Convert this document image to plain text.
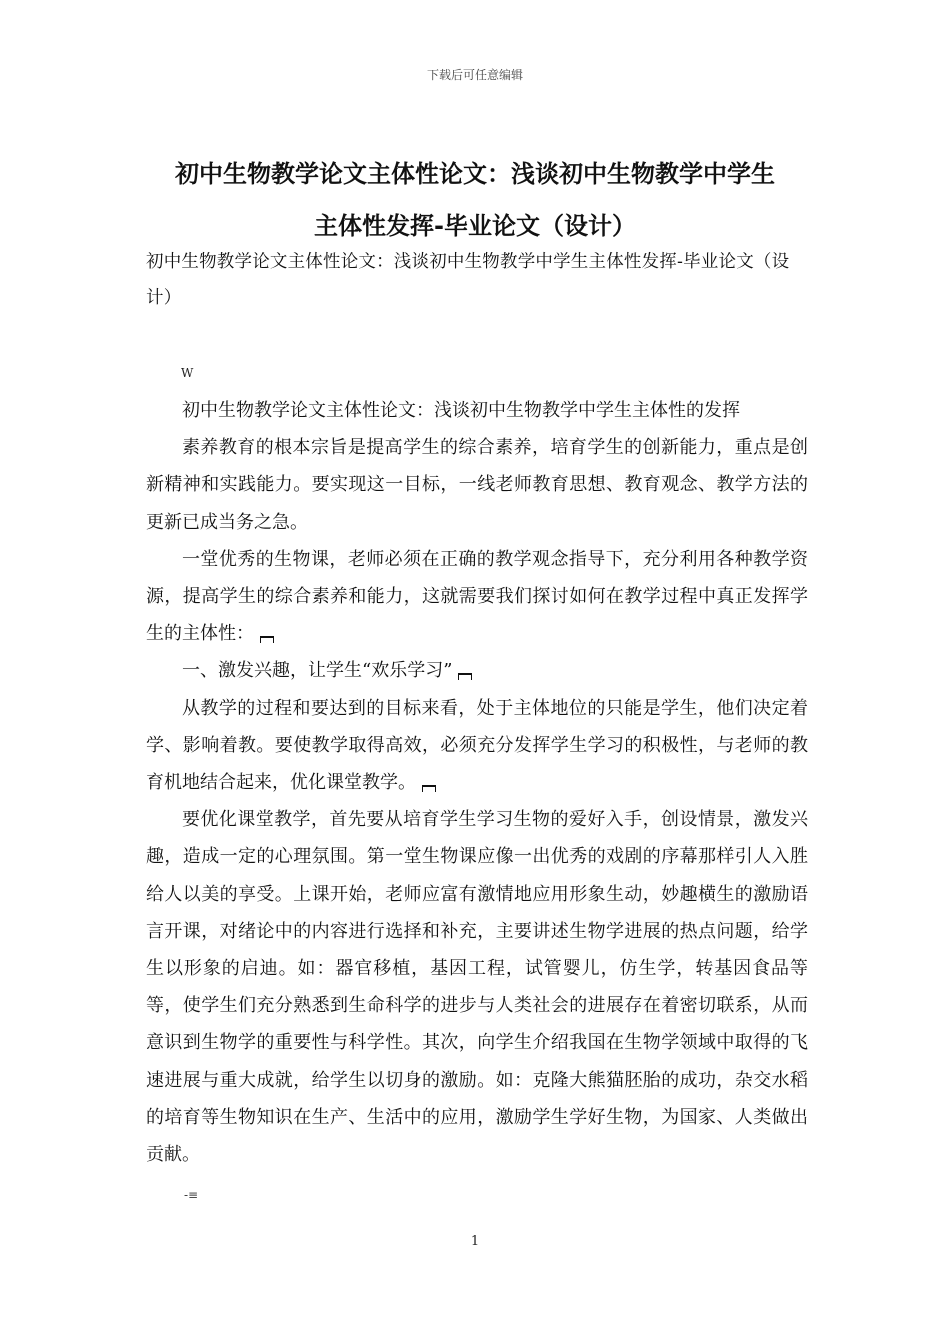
下载后可任意编辑
初中生物教学论文主体性论文：浅谈初中生物教学中学生
主体性发挥-毕业论文（设计）
初中生物教学论文主体性论文：浅谈初中生物教学中学生主体性发挥-毕业论文（设计）
W

初中生物教学论文主体性论文：浅谈初中生物教学中学生主体性的发挥

素养教育的根本宗旨是提高学生的综合素养，培育学生的创新能力，重点是创新精神和实践能力。要实现这一目标，一线老师教育思想、教育观念、教学方法的更新已成当务之急。

一堂优秀的生物课，老师必须在正确的教学观念指导下，充分利用各种教学资源，提高学生的综合素养和能力，这就需要我们探讨如何在教学过程中真正发挥学生的主体性：

一、激发兴趣，让学生“欢乐学习”

从教学的过程和要达到的目标来看，处于主体地位的只能是学生，他们决定着学、影响着教。要使教学取得高效，必须充分发挥学生学习的积极性，与老师的教育机地结合起来，优化课堂教学。

要优化课堂教学，首先要从培育学生学习生物的爱好入手，创设情景，激发兴趣，造成一定的心理氛围。第一堂生物课应像一出优秀的戏剧的序幕那样引人入胜给人以美的享受。上课开始，老师应富有激情地应用形象生动，妙趣横生的激励语言开课，对绪论中的内容进行选择和补充，主要讲述生物学进展的热点问题，给学生以形象的启迪。如：器官移植，基因工程，试管婴儿，仿生学，转基因食品等等，使学生们充分熟悉到生命科学的进步与人类社会的进展存在着密切联系，从而意识到生物学的重要性与科学性。其次，向学生介绍我国在生物学领域中取得的飞速进展与重大成就，给学生以切身的激励。如：克隆大熊猫胚胎的成功，杂交水稻的培育等生物知识在生产、生活中的应用，激励学生学好生物，为国家、人类做出贡献。

-≡
1
